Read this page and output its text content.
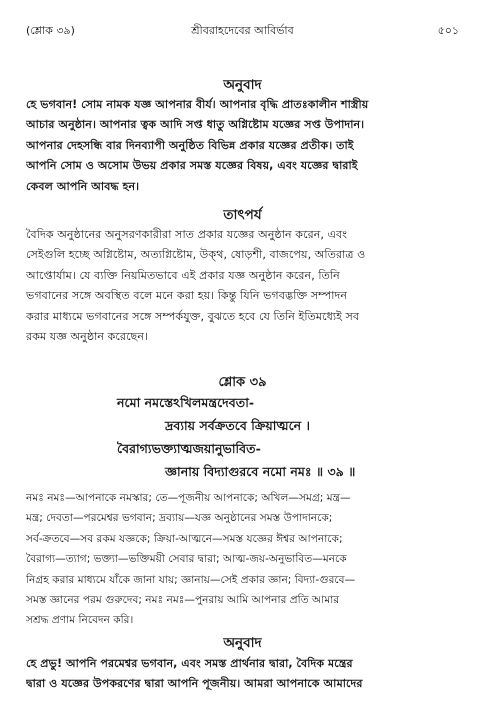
(শ্লোক ৩৯)	শ্রীবরাহদেবের আবির্ভাব	৫০১
অনুবাদ
হে ভগবান! সোম নামক যজ্ঞ আপনার বীর্য। আপনার বৃদ্ধি প্রাতঃকালীন শাস্ত্রীয়
আচার অনুষ্ঠান। আপনার ত্বক আদি সপ্ত ধাতু অগ্নিষ্টোম যজ্ঞের সপ্ত উপাদান।
আপনার দেহসন্ধি বার দিনব্যাপী অনুষ্ঠিত বিভিন্ন প্রকার যজ্ঞের প্রতীক। তাই
আপনি সোম ও অসোম উভয় প্রকার সমস্ত যজ্ঞের বিষয়, এবং যজ্ঞের দ্বারাই
কেবল আপনি আবদ্ধ হন।
তাৎপর্য
বৈদিক অনুষ্ঠানের অনুসরণকারীরা সাত প্রকার যজ্ঞের অনুষ্ঠান করেন, এবং
সেইগুলি হচ্ছে অগ্নিষ্টোম, অত্যগ্নিষ্টোম, উক্থ, ষোড়শী, বাজপেয়, অতিরাত্র ও
আপ্তোর্যাম। যে ব্যক্তি নিয়মিতভাবে এই প্রকার যজ্ঞ অনুষ্ঠান করেন, তিনি
ভগবানের সঙ্গে অবস্থিত বলে মনে করা হয়। কিন্তু যিনি ভগবদ্ভক্তি সম্পাদন
করার মাধ্যমে ভগবানের সঙ্গে সম্পর্কযুক্ত, বুঝতে হবে যে তিনি ইতিমধ্যেই সব
রকম যজ্ঞ অনুষ্ঠান করেছেন।
শ্লোক ৩৯
নমো নমস্তেঽখিলমন্ত্রদেবতা-
দ্রব্যায় সর্বক্রতবে ক্রিয়াত্মনে ।
বৈরাগ্যভক্ত্যাত্মজয়ানুভাবিত-
জ্ঞানায় বিদ্যাগুরবে নমো নমঃ ॥ ৩৯ ॥
নমঃ নমঃ—আপনাকে নমস্কার; তে—পূজনীয় আপনাকে; অখিল—সমগ্র; মন্ত্র—
মন্ত্র; দেবতা—পরমেশ্বর ভগবান; দ্রব্যায়—যজ্ঞ অনুষ্ঠানের সমস্ত উপাদানকে;
সর্ব-ক্রতবে—সব রকম যজ্ঞকে; ক্রিয়া-আত্মনে—সমস্ত যজ্ঞের ঈশ্বর আপনাকে;
বৈরাগ্য—ত্যাগ; ভক্ত্যা—ভক্তিময়ী সেবার দ্বারা; আত্ম-জয়-অনুভাবিত—মনকে
নিগ্রহ করার মাধ্যমে যাঁকে জানা যায়; জ্ঞানায়—সেই প্রকার জ্ঞান; বিদ্যা-গুরবে—
সমস্ত জ্ঞানের পরম গুরুদেব; নমঃ নমঃ—পুনরায় আমি আপনার প্রতি আমার
সশ্রদ্ধ প্রণাম নিবেদন করি।
অনুবাদ
হে প্রভু! আপনি পরমেশ্বর ভগবান, এবং সমস্ত প্রার্থনার দ্বারা, বৈদিক মন্ত্রের
দ্বারা ও যজ্ঞের উপকরণের দ্বারা আপনি পূজনীয়। আমরা আপনাকে আমাদের
